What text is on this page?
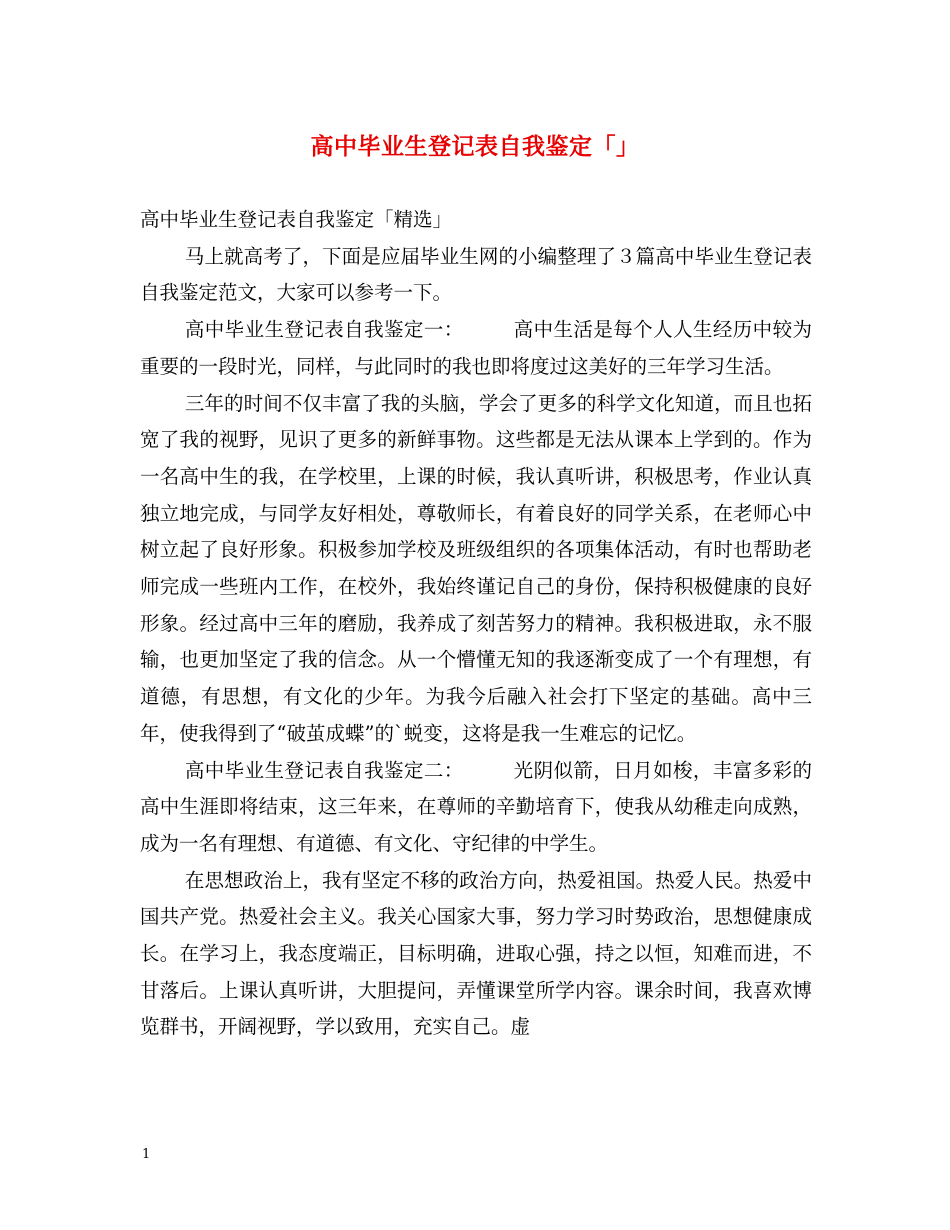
高中毕业生登记表自我鉴定「」

高中毕业生登记表自我鉴定「精选」

马上就高考了，下面是应届毕业生网的小编整理了３篇高中毕业生登记表自我鉴定范文，大家可以参考一下。

高中毕业生登记表自我鉴定一：　　　高中生活是每个人人生经历中较为重要的一段时光，同样，与此同时的我也即将度过这美好的三年学习生活。

三年的时间不仅丰富了我的头脑，学会了更多的科学文化知道，而且也拓宽了我的视野，见识了更多的新鲜事物。这些都是无法从课本上学到的。作为一名高中生的我，在学校里，上课的时候，我认真听讲，积极思考，作业认真独立地完成，与同学友好相处，尊敬师长，有着良好的同学关系，在老师心中树立起了良好形象。积极参加学校及班级组织的各项集体活动，有时也帮助老师完成一些班内工作，在校外，我始终谨记自己的身份，保持积极健康的良好形象。经过高中三年的磨励，我养成了刻苦努力的精神。我积极进取，永不服输，也更加坚定了我的信念。从一个懵懂无知的我逐渐变成了一个有理想，有道德，有思想，有文化的少年。为我今后融入社会打下坚定的基础。高中三年，使我得到了“破茧成蝶”的`蜕变，这将是我一生难忘的记忆。

高中毕业生登记表自我鉴定二：　　　光阴似箭，日月如梭，丰富多彩的高中生涯即将结束，这三年来，在尊师的辛勤培育下，使我从幼稚走向成熟，成为一名有理想、有道德、有文化、守纪律的中学生。

在思想政治上，我有坚定不移的政治方向，热爱祖国。热爱人民。热爱中国共产党。热爱社会主义。我关心国家大事，努力学习时势政治，思想健康成长。在学习上，我态度端正，目标明确，进取心强，持之以恒，知难而进，不甘落后。上课认真听讲，大胆提问，弄懂课堂所学内容。课余时间，我喜欢博览群书，开阔视野，学以致用，充实自己。虚

1
